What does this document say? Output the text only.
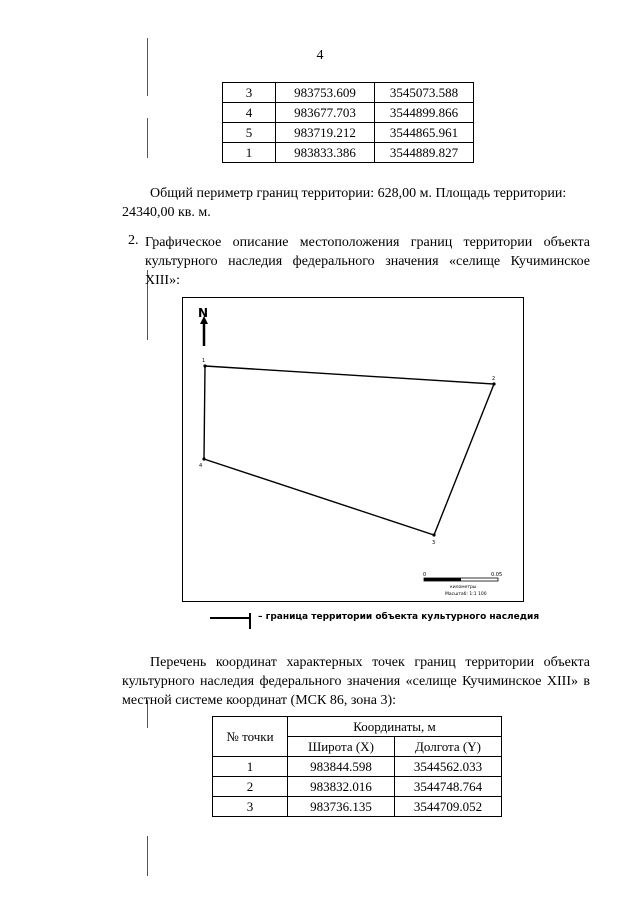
4
3	983753.609	3545073.588
4	983677.703	3544899.866
5	983719.212	3544865.961
1	983833.386	3544889.827
Общий периметр границ территории: 628,00 м. Площадь территории:
24340,00 кв. м.
2. Графическое описание местоположения границ территории объекта культурного наследия федерального значения «селище Кучиминское XIII»:
N
1
2
3
4
0	0.05
километры
Масштаб: 1:1 100
– граница территории объекта культурного наследия
Перечень координат характерных точек границ территории объекта культурного наследия федерального значения «селище Кучиминское XIII» в местной системе координат (МСК 86, зона 3):
№ точки	Координаты, м	
	Широта (X)	Долгота (Y)
1	983844.598	3544562.033
2	983832.016	3544748.764
3	983736.135	3544709.052
